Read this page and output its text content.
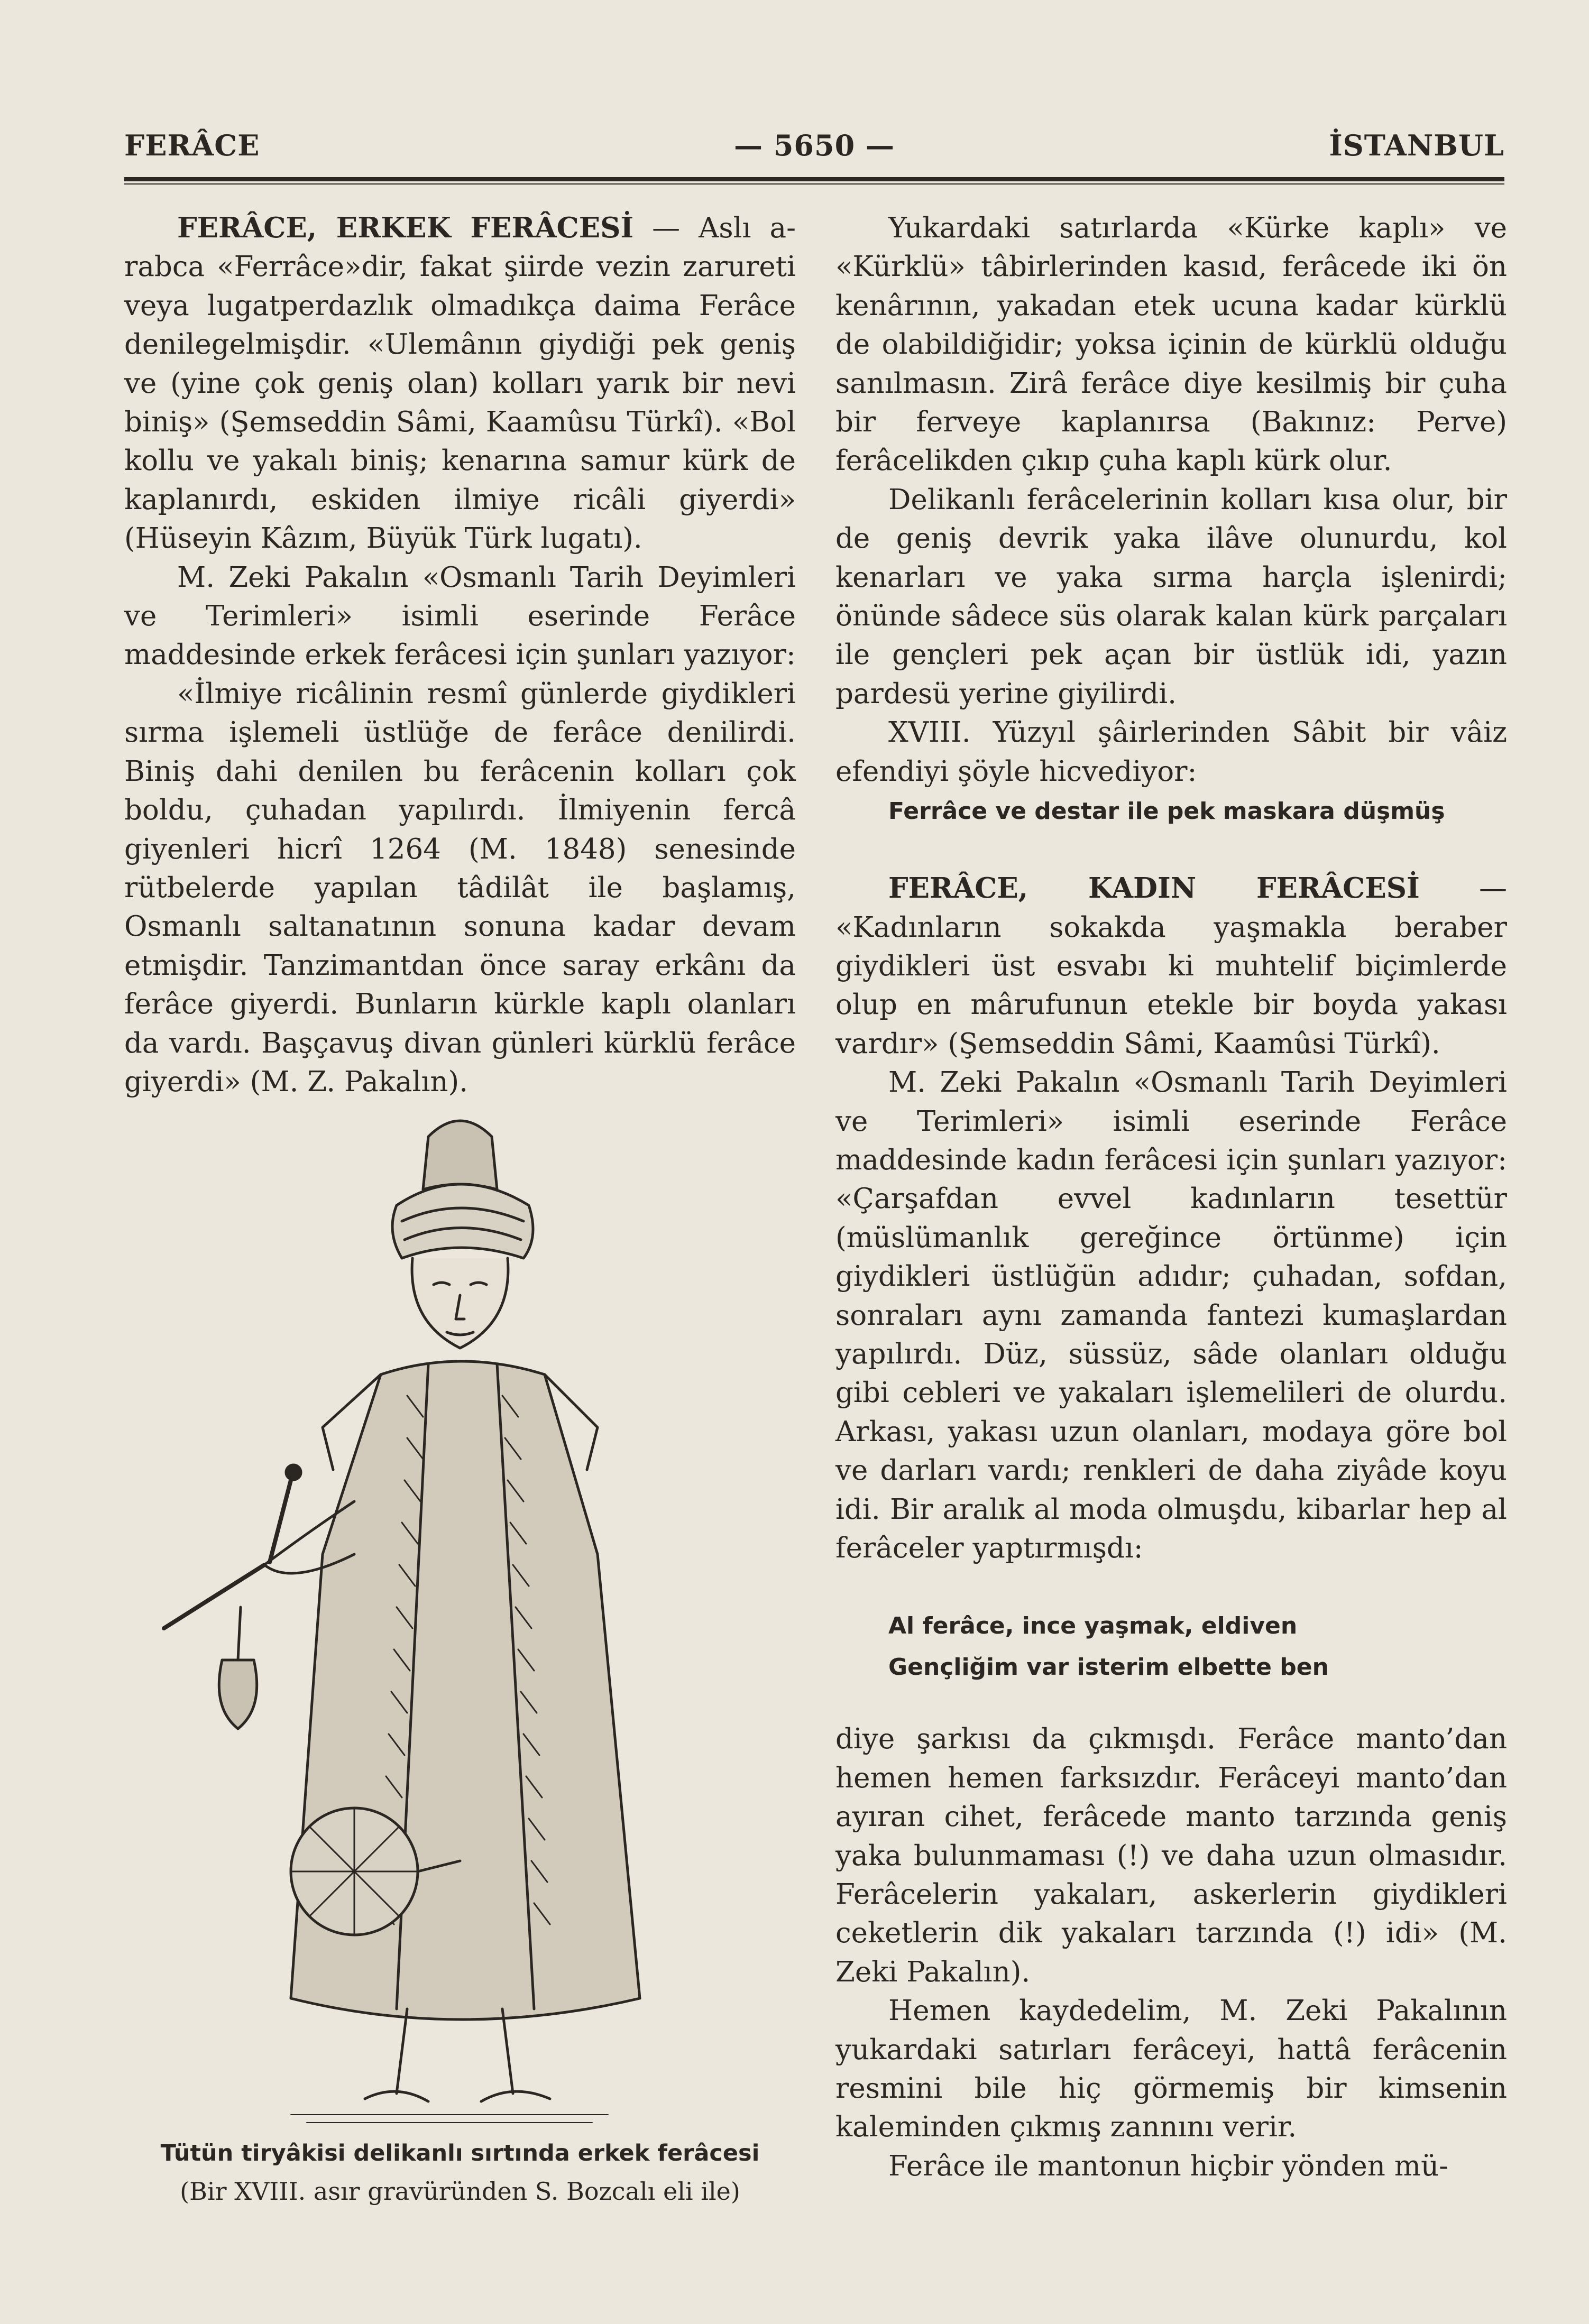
FERÂCE	— 5650 —	İSTANBUL

FERÂCE, ERKEK FERÂCESİ — Aslı a-rabca «Ferrâce»dir, fakat şiirde vezin zarureti veya lugatperdazlık olmadıkça daima Ferâce denilegelmişdir. «Ulemânın giydiği pek geniş ve (yine çok geniş olan) kolları yarık bir nevi biniş» (Şemseddin Sâmi, Kaamûsu Türkî). «Bol kollu ve yakalı biniş; kenarına samur kürk de kaplanırdı, eskiden ilmiye ricâli giyerdi» (Hüseyin Kâzım, Büyük Türk lugatı).

M. Zeki Pakalın «Osmanlı Tarih Deyimleri ve Terimleri» isimli eserinde Ferâce maddesinde erkek ferâcesi için şunları yazıyor:

«İlmiye ricâlinin resmî günlerde giydikleri sırma işlemeli üstlüğe de ferâce denilirdi. Biniş dahi denilen bu ferâcenin kolları çok boldu, çuhadan yapılırdı. İlmiyenin fercâ giyenleri hicrî 1264 (M. 1848) senesinde rütbelerde yapılan tâdilât ile başlamış, Osmanlı saltanatının sonuna kadar devam etmişdir. Tanzimantdan önce saray erkânı da ferâce giyerdi. Bunların kürkle kaplı olanları da vardı. Başçavuş divan günleri kürklü ferâce giyerdi» (M. Z. Pakalın).

Tütün tiryâkisi delikanlı sırtında erkek ferâcesi
(Bir XVIII. asır gravüründen S. Bozcalı eli ile)

Yukardaki satırlarda «Kürke kaplı» ve «Kürklü» tâbirlerinden kasıd, ferâcede iki ön kenârının, yakadan etek ucuna kadar kürklü de olabildiğidir; yoksa içinin de kürklü olduğu sanılmasın. Zirâ ferâce diye kesilmiş bir çuha bir ferveye kaplanırsa (Bakınız: Perve) ferâcelikden çıkıp çuha kaplı kürk olur.

Delikanlı ferâcelerinin kolları kısa olur, bir de geniş devrik yaka ilâve olunurdu, kol kenarları ve yaka sırma harçla işlenirdi; önünde sâdece süs olarak kalan kürk parçaları ile gençleri pek açan bir üstlük idi, yazın pardesü yerine giyilirdi.

XVIII. Yüzyıl şâirlerinden Sâbit bir vâiz efendiyi şöyle hicvediyor:

Ferrâce ve destar ile pek maskara düşmüş

FERÂCE, KADIN FERÂCESİ — «Kadınların sokakda yaşmakla beraber giydikleri üst esvabı ki muhtelif biçimlerde olup en mârufunun etekle bir boyda yakası vardır» (Şemseddin Sâmi, Kaamûsi Türkî).

M. Zeki Pakalın «Osmanlı Tarih Deyimleri ve Terimleri» isimli eserinde Ferâce maddesinde kadın ferâcesi için şunları yazıyor: «Çarşafdan evvel kadınların tesettür (müslümanlık gereğince örtünme) için giydikleri üstlüğün adıdır; çuhadan, sofdan, sonraları aynı zamanda fantezi kumaşlardan yapılırdı. Düz, süssüz, sâde olanları olduğu gibi cebleri ve yakaları işlemelileri de olurdu. Arkası, yakası uzun olanları, modaya göre bol ve darları vardı; renkleri de daha ziyâde koyu idi. Bir aralık al moda olmuşdu, kibarlar hep al ferâceler yaptırmışdı:

Al ferâce, ince yaşmak, eldiven

Gençliğim var isterim elbette ben

diye şarkısı da çıkmışdı. Ferâce manto’dan hemen hemen farksızdır. Ferâceyi manto’dan ayıran cihet, ferâcede manto tarzında geniş yaka bulunmaması (!) ve daha uzun olmasıdır. Ferâcelerin yakaları, askerlerin giydikleri ceketlerin dik yakaları tarzında (!) idi» (M. Zeki Pakalın).

Hemen kaydedelim, M. Zeki Pakalının yukardaki satırları ferâceyi, hattâ ferâcenin resmini bile hiç görmemiş bir kimsenin kaleminden çıkmış zannını verir.

Ferâce ile mantonun hiçbir yönden mü-
